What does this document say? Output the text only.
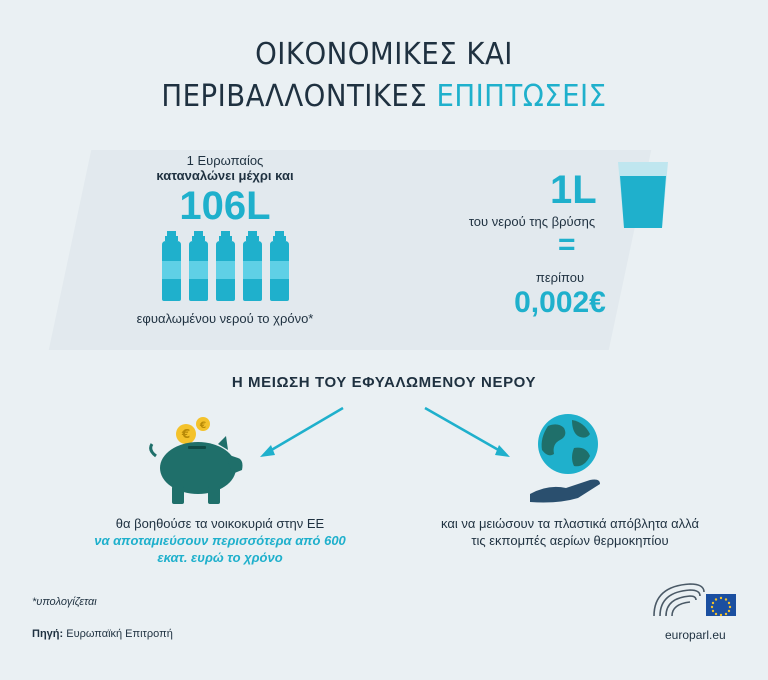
ΟΙΚΟΝΟΜΙΚΕΣ ΚΑΙ
ΠΕΡΙΒΑΛΛΟΝΤΙΚΕΣ ΕΠΙΠΤΩΣΕΙΣ
1 Ευρωπαίος
καταναλώνει μέχρι και
106L
εφυαλωμένου νερού το χρόνο*
1L
του νερού της βρύσης
=
περίπου
0,002€
Η ΜΕΙΩΣΗ ΤΟΥ ΕΦΥΑΛΩΜΕΝΟΥ ΝΕΡΟΥ
€
€
θα βοηθούσε τα νοικοκυριά στην ΕΕ
να αποταμιεύσουν περισσότερα από 600
εκατ. ευρώ το χρόνο
και να μειώσουν τα πλαστικά απόβλητα αλλά
τις εκπομπές αερίων θερμοκηπίου
*υπολογίζεται
Πηγή: Ευρωπαϊκή Επιτροπή	europarl.eu
